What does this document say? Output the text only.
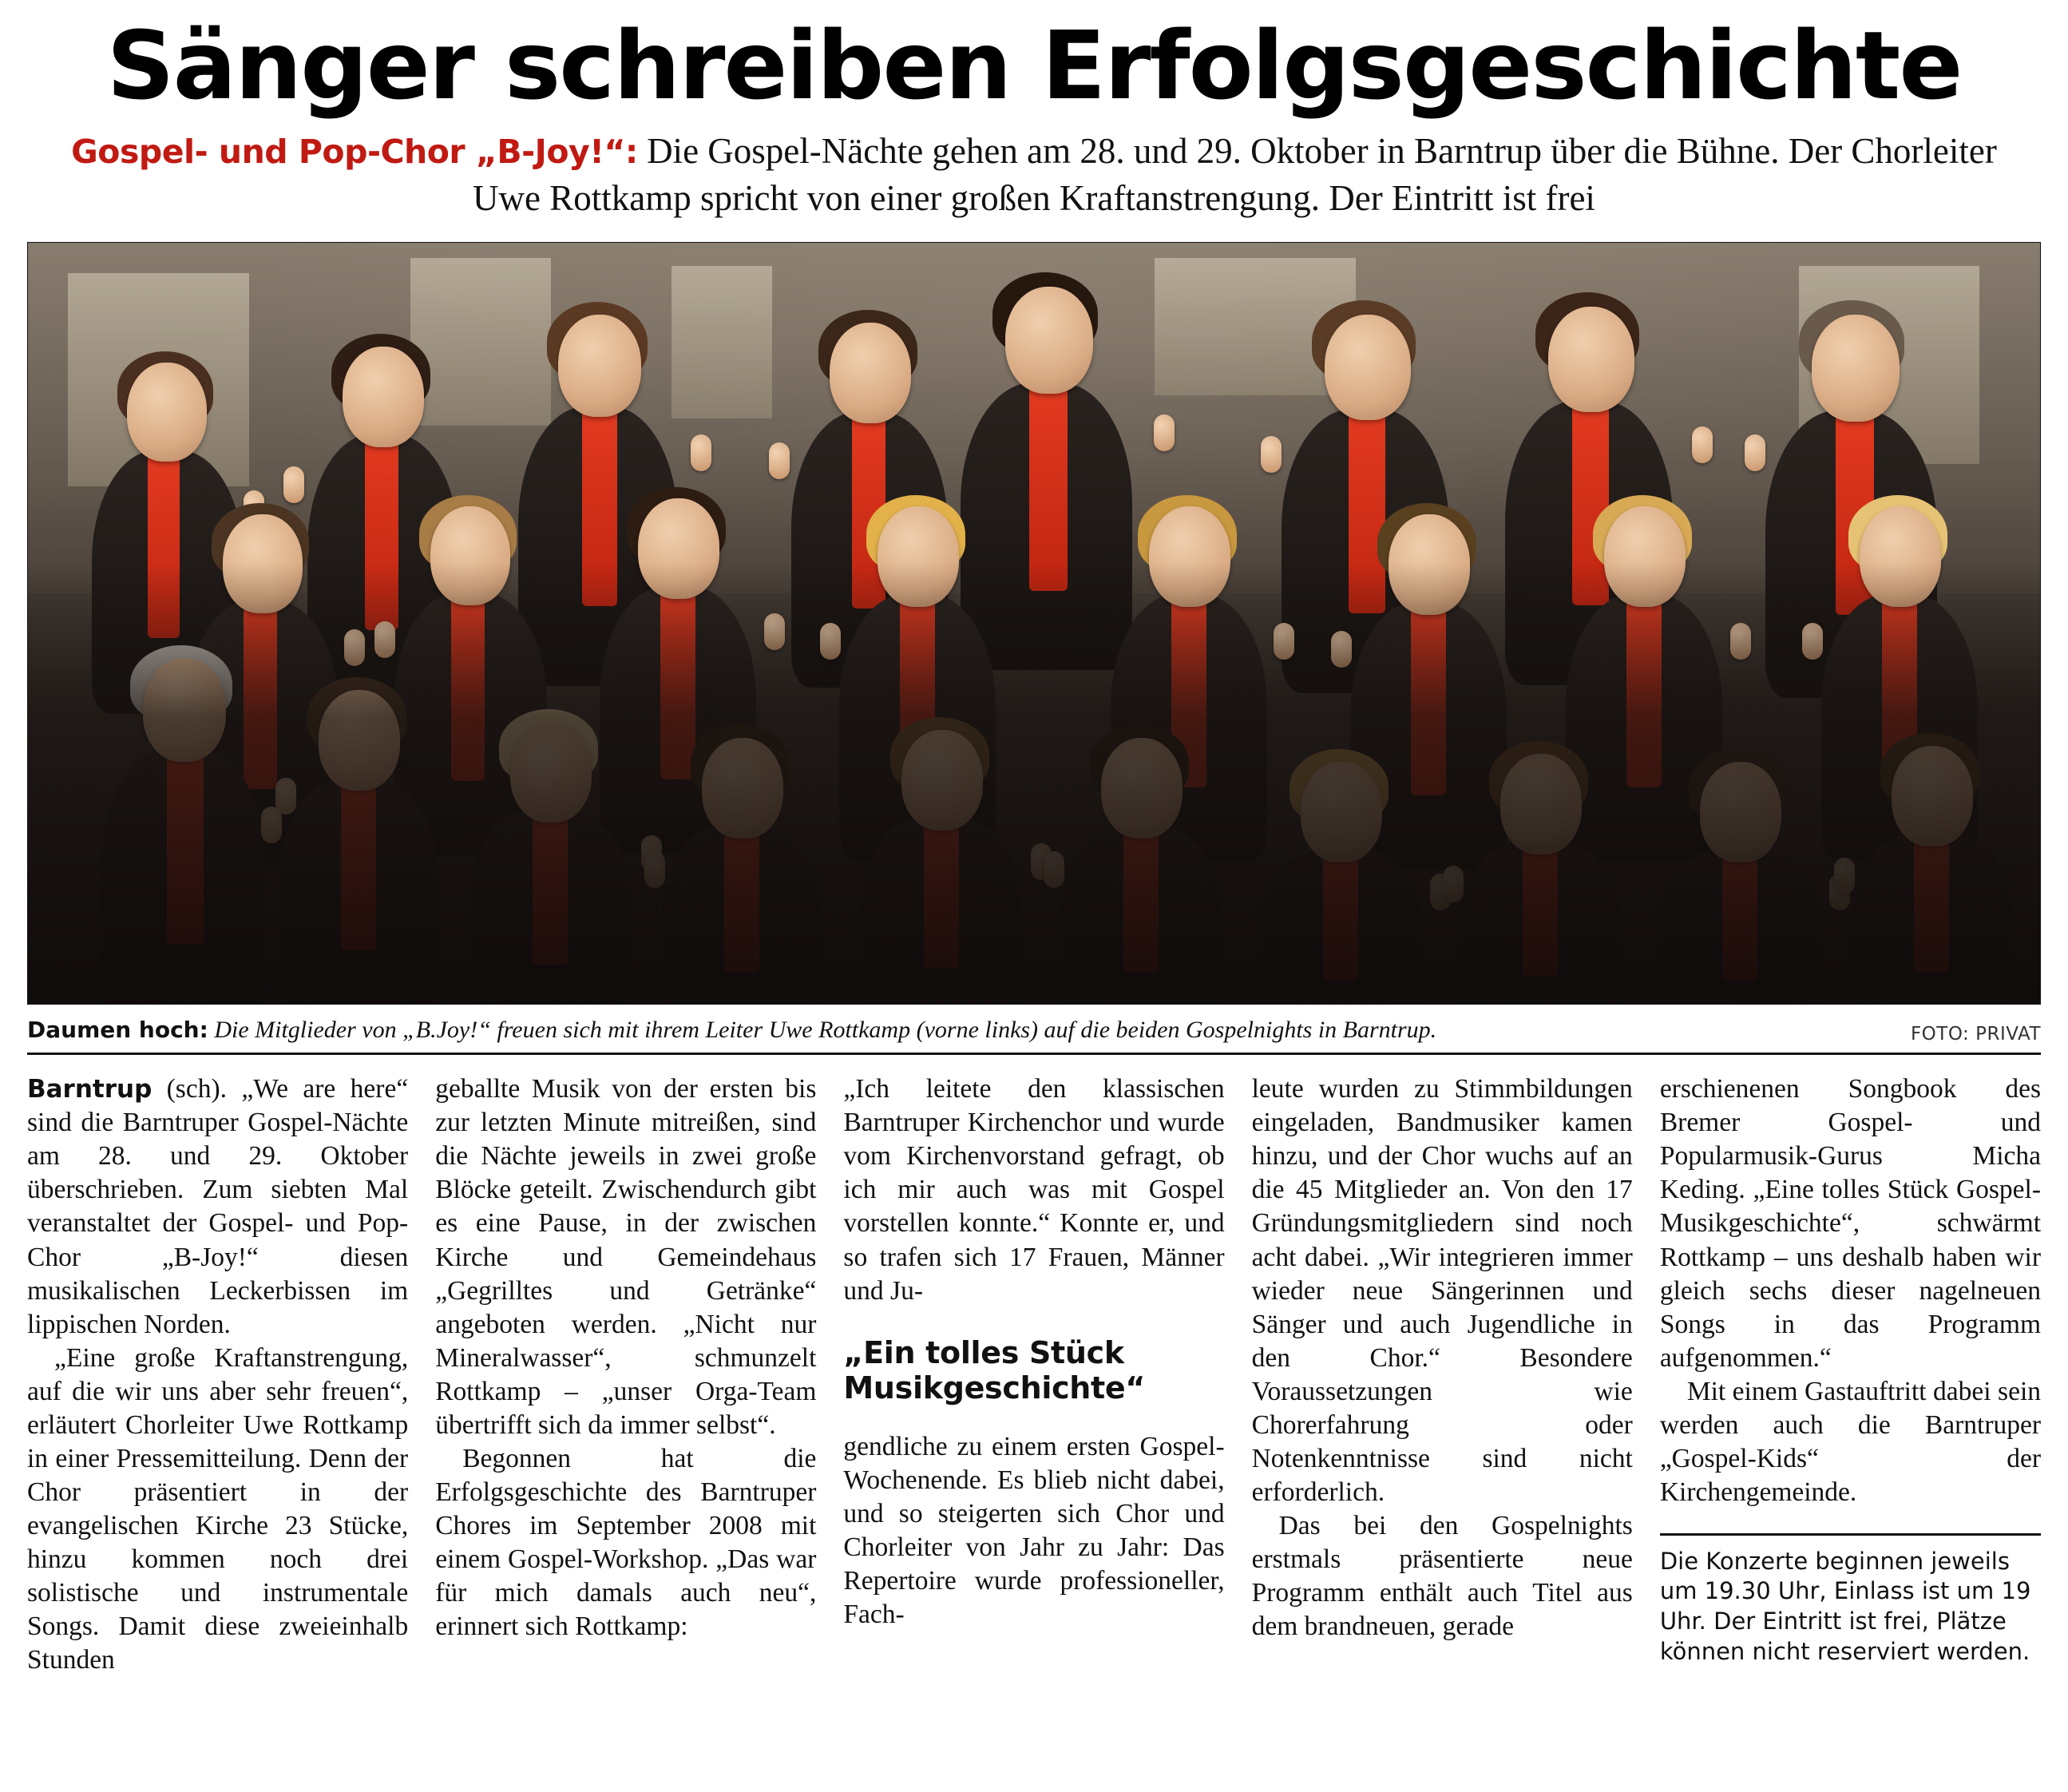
Sänger schreiben Erfolgsgeschichte
Gospel- und Pop-Chor „B-Joy!“: Die Gospel-Nächte gehen am 28. und 29. Oktober in Barntrup über die Bühne. Der Chorleiter Uwe Rottkamp spricht von einer großen Kraftanstrengung. Der Eintritt ist frei
Daumen hoch: Die Mitglieder von „B.Joy!“ freuen sich mit ihrem Leiter Uwe Rottkamp (vorne links) auf die beiden Gospelnights in Barntrup.	FOTO: PRIVAT

Barntrup (sch). „We are here“ sind die Barntruper Gospel-Nächte am 28. und 29. Oktober überschrieben. Zum siebten Mal veranstaltet der Gospel- und Pop-Chor „B-Joy!“ diesen musikalischen Leckerbissen im lippischen Norden.

„Eine große Kraftanstrengung, auf die wir uns aber sehr freuen“, erläutert Chorleiter Uwe Rottkamp in einer Pressemitteilung. Denn der Chor präsentiert in der evangelischen Kirche 23 Stücke, hinzu kommen noch drei solistische und instrumentale Songs. Damit diese zweieinhalb Stunden

geballte Musik von der ersten bis zur letzten Minute mitreißen, sind die Nächte jeweils in zwei große Blöcke geteilt. Zwischendurch gibt es eine Pause, in der zwischen Kirche und Gemeindehaus „Gegrilltes und Getränke“ angeboten werden. „Nicht nur Mineralwasser“, schmunzelt Rottkamp – „unser Orga-Team übertrifft sich da immer selbst“.

Begonnen hat die Erfolgsgeschichte des Barntruper Chores im September 2008 mit einem Gospel-Workshop. „Das war für mich damals auch neu“, erinnert sich Rottkamp:

„Ich leitete den klassischen Barntruper Kirchenchor und wurde vom Kirchenvorstand gefragt, ob ich mir auch was mit Gospel vorstellen konnte.“ Konnte er, und so trafen sich 17 Frauen, Männer und Ju-

„Ein tolles Stück Musikgeschichte“

gendliche zu einem ersten Gospel-Wochenende. Es blieb nicht dabei, und so steigerten sich Chor und Chorleiter von Jahr zu Jahr: Das Repertoire wurde professioneller, Fach-

leute wurden zu Stimmbildungen eingeladen, Bandmusiker kamen hinzu, und der Chor wuchs auf an die 45 Mitglieder an. Von den 17 Gründungsmitgliedern sind noch acht dabei. „Wir integrieren immer wieder neue Sängerinnen und Sänger und auch Jugendliche in den Chor.“ Besondere Voraussetzungen wie Chorerfahrung oder Notenkenntnisse sind nicht erforderlich.

Das bei den Gospelnights erstmals präsentierte neue Programm enthält auch Titel aus dem brandneuen, gerade

erschienenen Songbook des Bremer Gospel- und Popularmusik-Gurus Micha Keding. „Eine tolles Stück Gospel-Musikgeschichte“, schwärmt Rottkamp – uns deshalb haben wir gleich sechs dieser nagelneuen Songs in das Programm aufgenommen.“

Mit einem Gastauftritt dabei sein werden auch die Barntruper „Gospel-Kids“ der Kirchengemeinde.

Die Konzerte beginnen jeweils um 19.30 Uhr, Einlass ist um 19 Uhr. Der Eintritt ist frei, Plätze können nicht reserviert werden.
